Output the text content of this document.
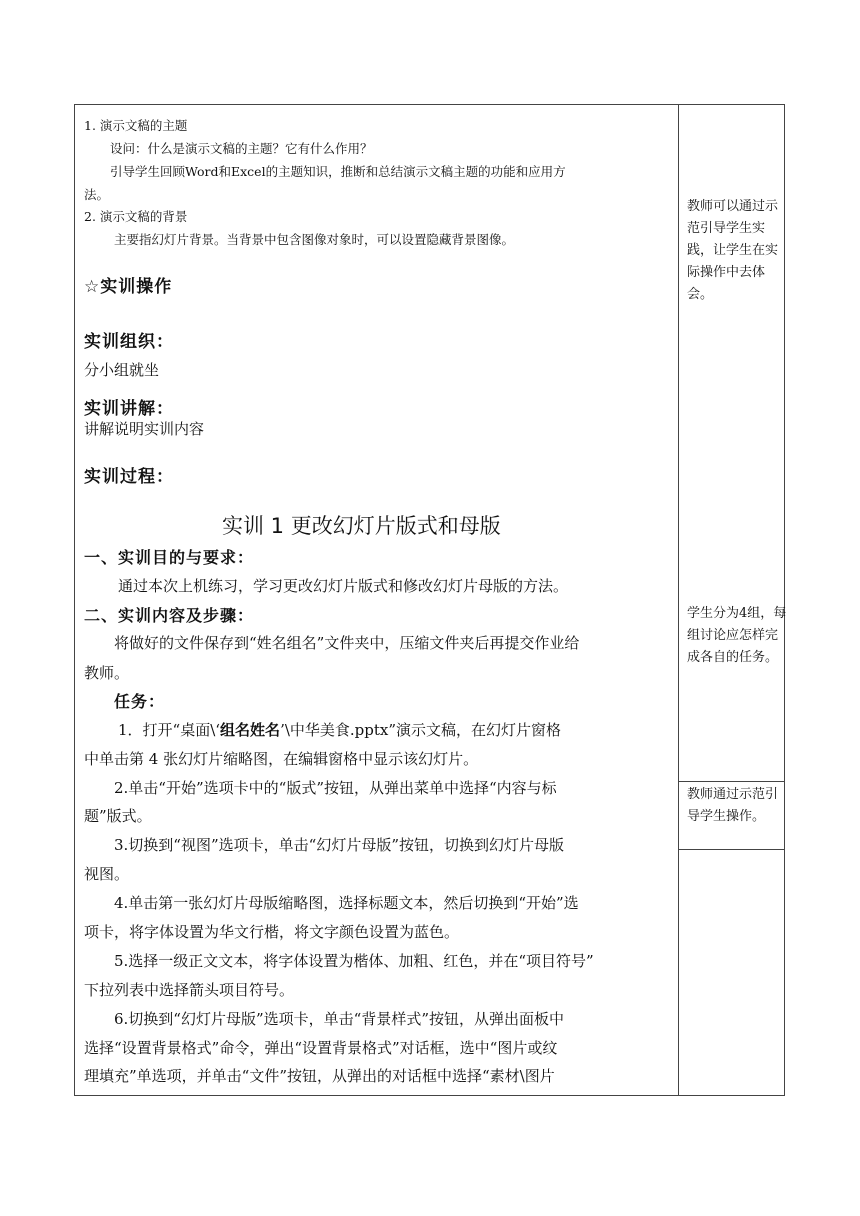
1. 演示文稿的主题
设问：什么是演示文稿的主题？它有什么作用？
引导学生回顾Word和Excel的主题知识，推断和总结演示文稿主题的功能和应用方
法。
2. 演示文稿的背景
主要指幻灯片背景。当背景中包含图像对象时，可以设置隐藏背景图像。
☆实训操作
实训组织：
分小组就坐
实训讲解：
讲解说明实训内容
实训过程：
实训 1 更改幻灯片版式和母版
一、实训目的与要求：
通过本次上机练习，学习更改幻灯片版式和修改幻灯片母版的方法。
二、实训内容及步骤：
将做好的文件保存到“姓名组名”文件夹中，压缩文件夹后再提交作业给
教师。
任务：
1．打开“桌面\‘组名姓名’\中华美食.pptx”演示文稿，在幻灯片窗格
中单击第 4 张幻灯片缩略图，在编辑窗格中显示该幻灯片。
2.单击“开始”选项卡中的“版式”按钮，从弹出菜单中选择“内容与标
题”版式。
3.切换到“视图”选项卡，单击“幻灯片母版”按钮，切换到幻灯片母版
视图。
4.单击第一张幻灯片母版缩略图，选择标题文本，然后切换到“开始”选
项卡，将字体设置为华文行楷，将文字颜色设置为蓝色。
5.选择一级正文文本，将字体设置为楷体、加粗、红色，并在“项目符号”
下拉列表中选择箭头项目符号。
6.切换到“幻灯片母版”选项卡，单击“背景样式”按钮，从弹出面板中
选择“设置背景格式”命令，弹出“设置背景格式”对话框，选中“图片或纹
理填充”单选项，并单击“文件”按钮，从弹出的对话框中选择“素材\图片
教师可以通过示范引导学生实践，让学生在实际操作中去体会。
学生分为4组，每组讨论应怎样完成各自的任务。
教师通过示范引导学生操作。
